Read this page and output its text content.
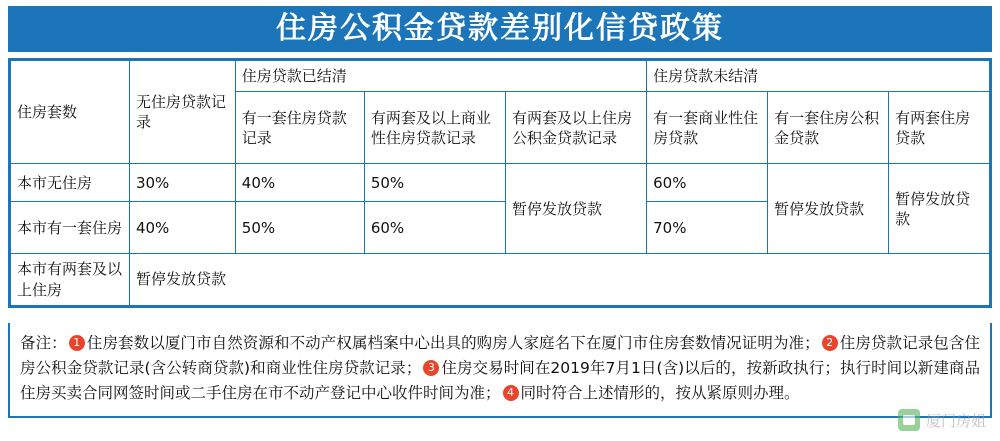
住房公积金贷款差别化信贷政策
住房套数	无住房贷款记录	住房贷款已结清			住房贷款未结清		
		有一套住房贷款记录	有两套及以上商业性住房贷款记录	有两套及以上住房公积金贷款记录	有一套商业性住房贷款	有一套住房公积金贷款	有两套住房贷款
本市无住房	30%	40%	50%	暂停发放贷款	60%	暂停发放贷款	暂停发放贷款
本市有一套住房	40%	50%	60%		70%		
本市有两套及以上住房	暂停发放贷款						
备注： 1 住房套数以厦门市自然资源和不动产权属档案中心出具的购房人家庭名下在厦门市住房套数情况证明为准； 2 住房贷款记录包含住房公积金贷款记录(含公转商贷款)和商业性住房贷款记录； 3 住房交易时间在2019年7月1日(含)以后的，按新政执行；执行时间以新建商品住房买卖合同网签时间或二手住房在市不动产登记中心收件时间为准； 4 同时符合上述情形的，按从紧原则办理。
厦门房姐
